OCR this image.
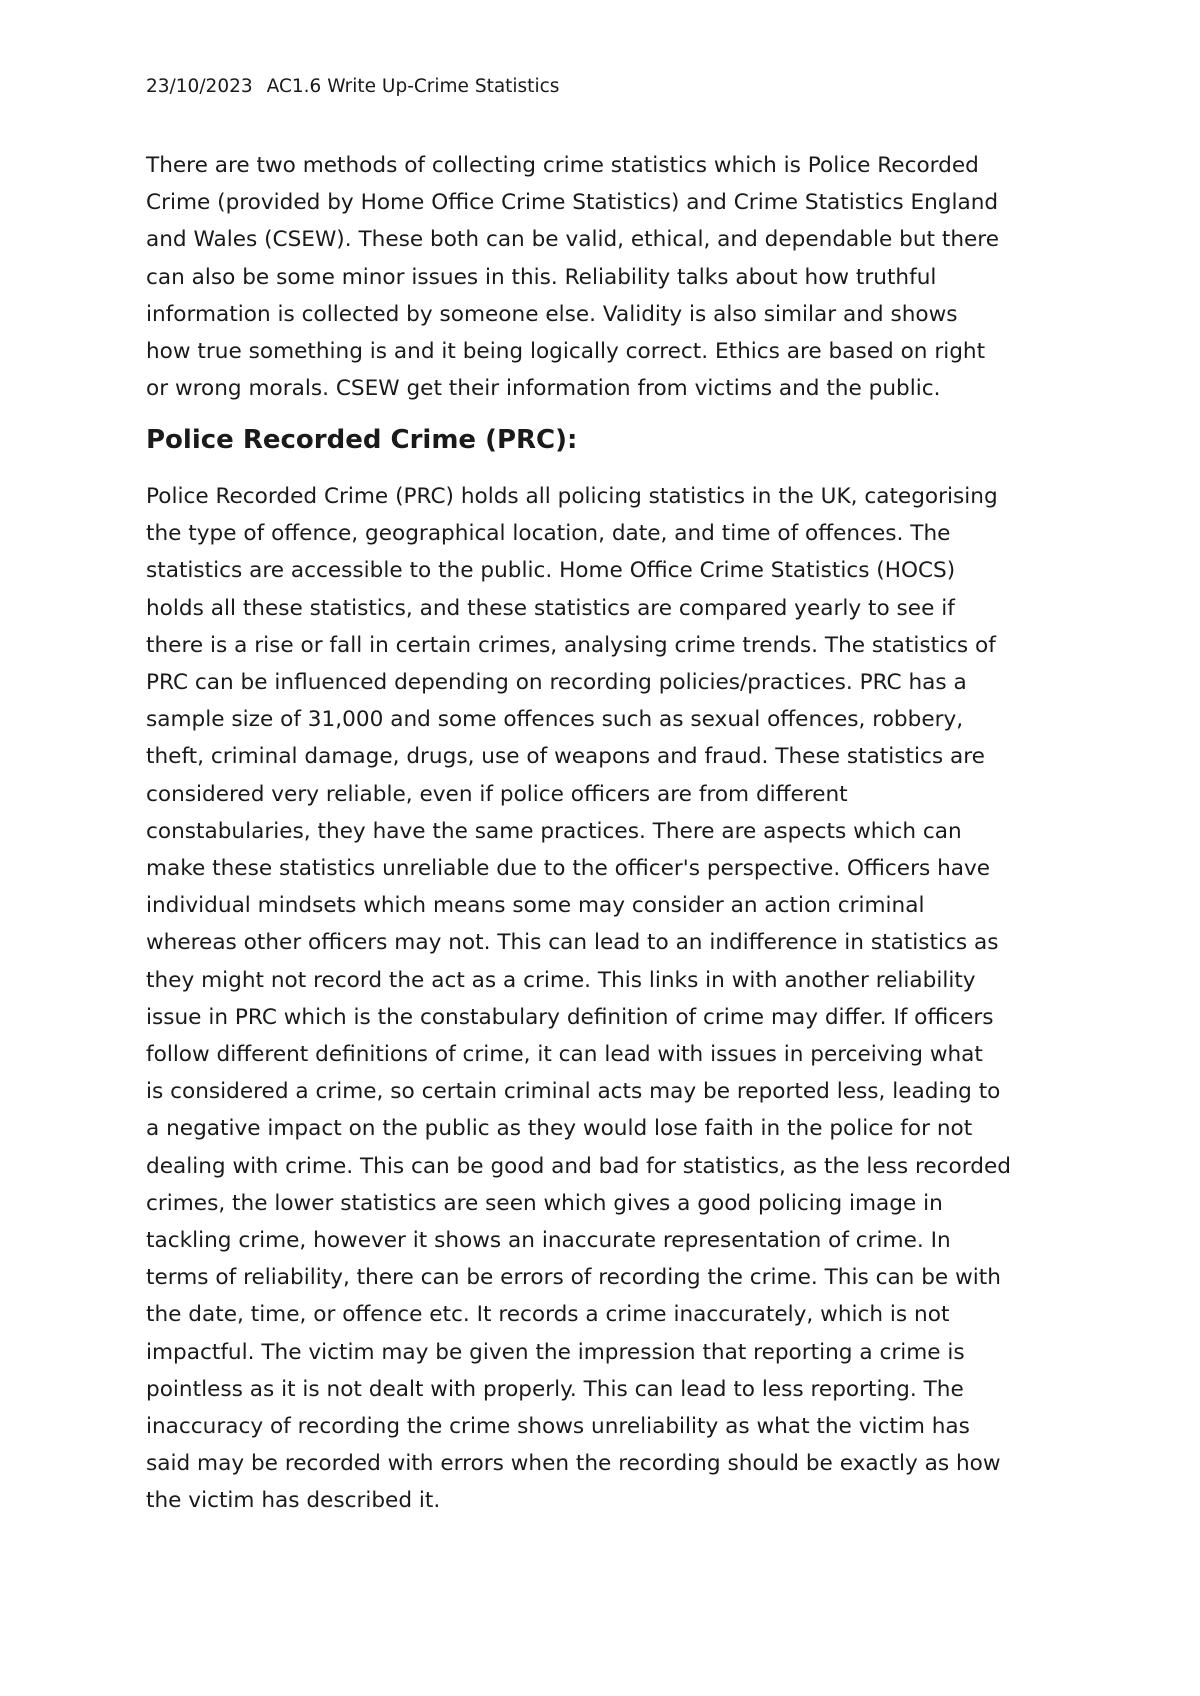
23/10/2023 AC1.6 Write Up-Crime Statistics

There are two methods of collecting crime statistics which is Police Recorded
Crime (provided by Home Office Crime Statistics) and Crime Statistics England
and Wales (CSEW). These both can be valid, ethical, and dependable but there
can also be some minor issues in this. Reliability talks about how truthful
information is collected by someone else. Validity is also similar and shows
how true something is and it being logically correct. Ethics are based on right
or wrong morals. CSEW get their information from victims and the public.

Police Recorded Crime (PRC):

Police Recorded Crime (PRC) holds all policing statistics in the UK, categorising
the type of offence, geographical location, date, and time of offences. The
statistics are accessible to the public. Home Office Crime Statistics (HOCS)
holds all these statistics, and these statistics are compared yearly to see if
there is a rise or fall in certain crimes, analysing crime trends. The statistics of
PRC can be influenced depending on recording policies/practices. PRC has a
sample size of 31,000 and some offences such as sexual offences, robbery,
theft, criminal damage, drugs, use of weapons and fraud. These statistics are
considered very reliable, even if police officers are from different
constabularies, they have the same practices. There are aspects which can
make these statistics unreliable due to the officer's perspective. Officers have
individual mindsets which means some may consider an action criminal
whereas other officers may not. This can lead to an indifference in statistics as
they might not record the act as a crime. This links in with another reliability
issue in PRC which is the constabulary definition of crime may differ. If officers
follow different definitions of crime, it can lead with issues in perceiving what
is considered a crime, so certain criminal acts may be reported less, leading to
a negative impact on the public as they would lose faith in the police for not
dealing with crime. This can be good and bad for statistics, as the less recorded
crimes, the lower statistics are seen which gives a good policing image in
tackling crime, however it shows an inaccurate representation of crime. In
terms of reliability, there can be errors of recording the crime. This can be with
the date, time, or offence etc. It records a crime inaccurately, which is not
impactful. The victim may be given the impression that reporting a crime is
pointless as it is not dealt with properly. This can lead to less reporting. The
inaccuracy of recording the crime shows unreliability as what the victim has
said may be recorded with errors when the recording should be exactly as how
the victim has described it.
